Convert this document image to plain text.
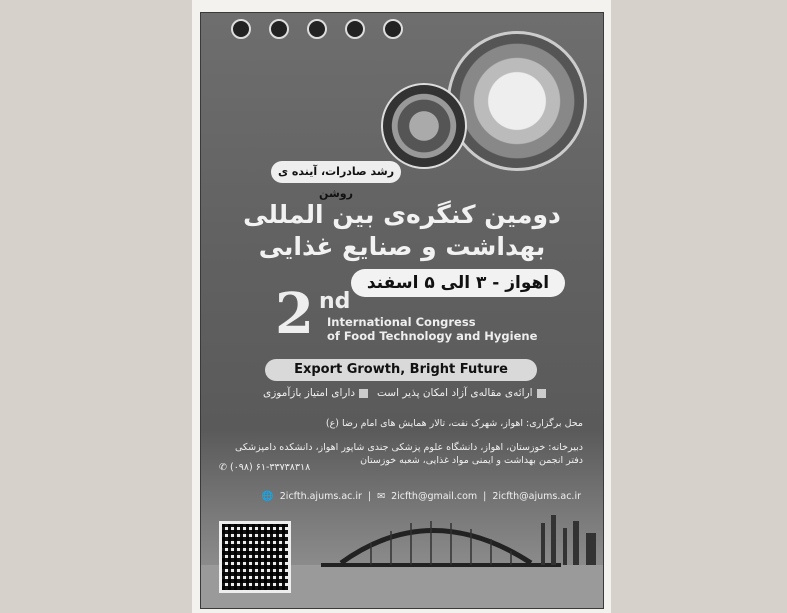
رشد صادرات، آینده ی روشن
دومین کنگره‌ی بین المللی
بهداشت و صنایع غذایی
اهواز - ۳ الی ۵ اسفند
2 nd
International Congress
of Food Technology and Hygiene
Export Growth, Bright Future
ارائه‌ی مقاله‌ی آزاد امکان پذیر است
دارای امتیاز بازآموزی
محل برگزاری: اهواز، شهرک نفت، تالار همایش های امام رضا (ع)
دبیرخانه: خوزستان، اهواز، دانشگاه علوم پزشکی جندی شاپور اهواز، دانشکده دامپزشکی
دفتر انجمن بهداشت و ایمنی مواد غذایی، شعبه خوزستان
✆ (۰۹۸) ۶۱-۳۳۷۳۸۳۱۸
🌐 2icfth.ajums.ac.ir | ✉ 2icfth@gmail.com | 2icfth@ajums.ac.ir
